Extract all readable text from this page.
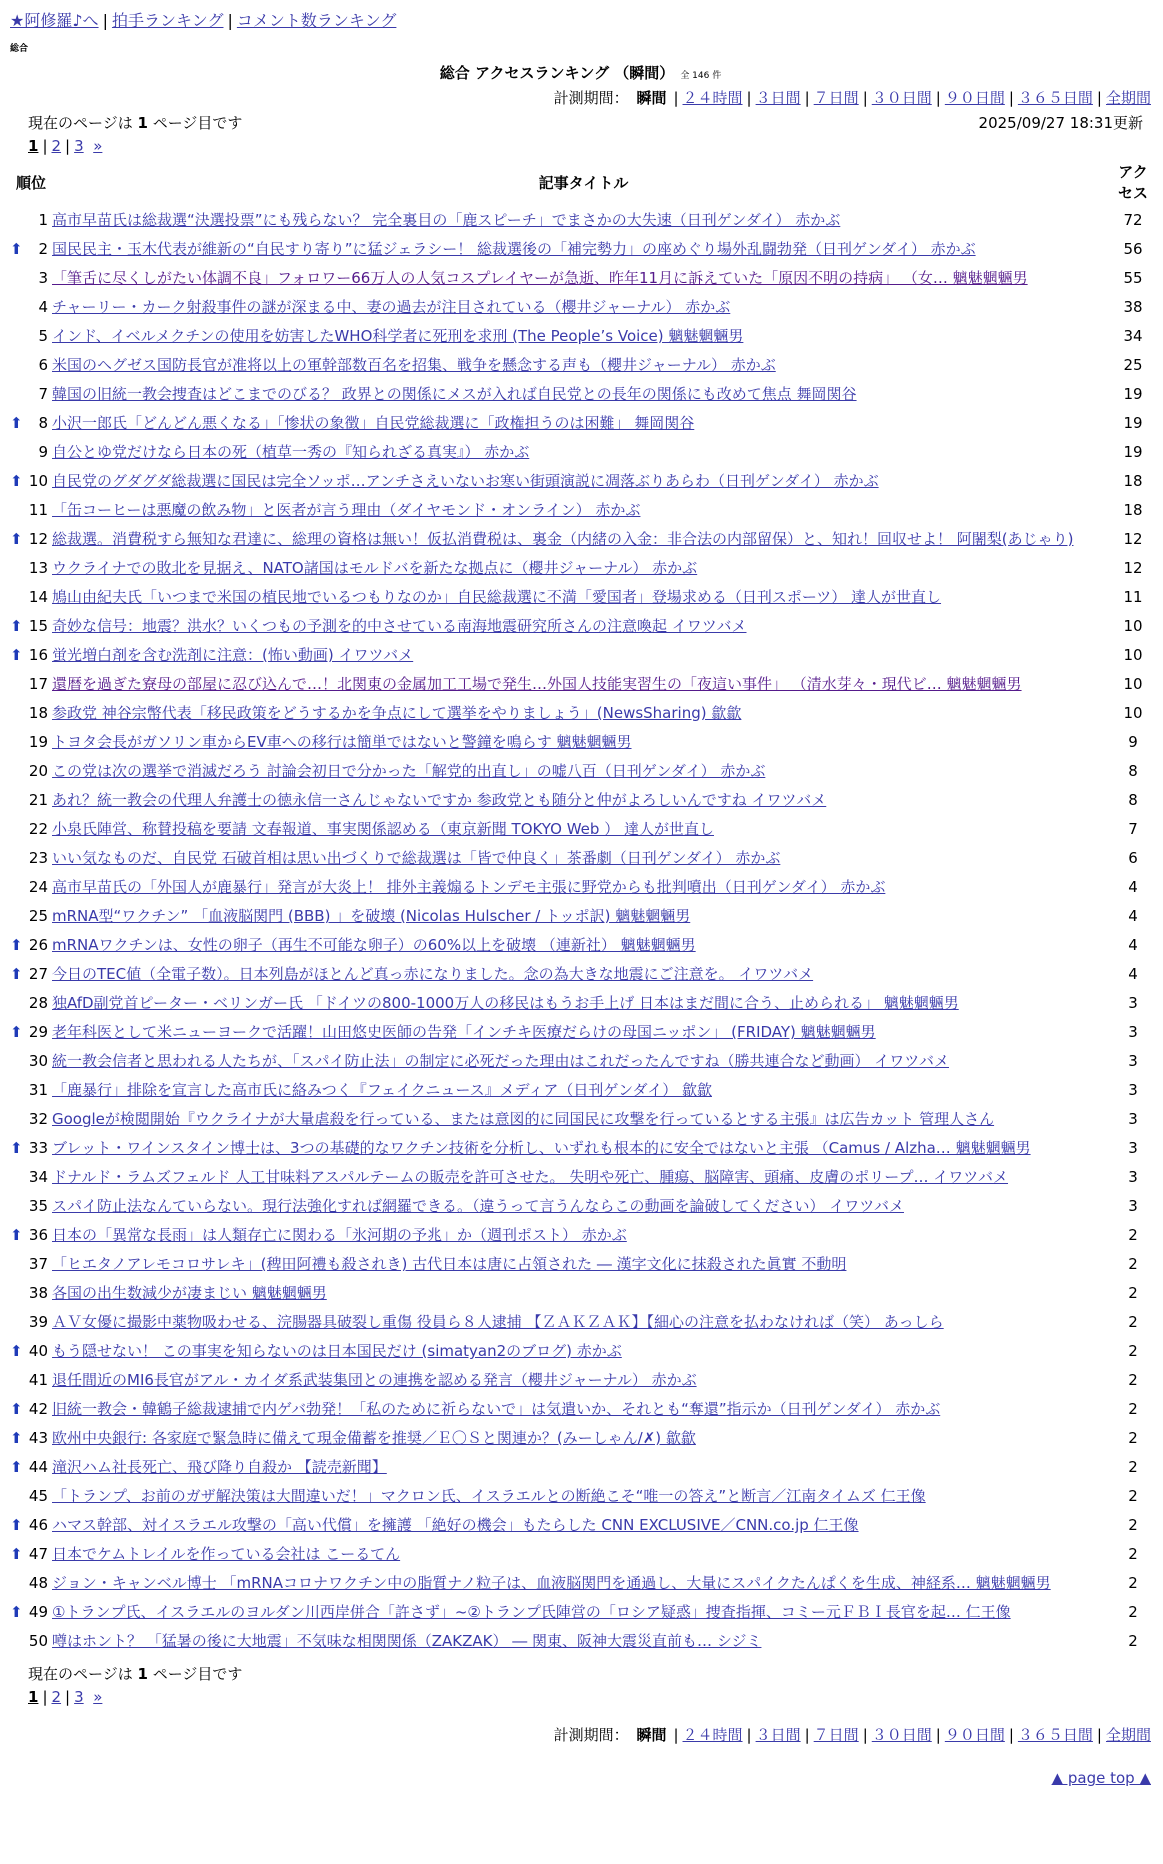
★阿修羅♪へ | 拍手ランキング | コメント数ランキング
総合
総合 アクセスランキング （瞬間） 全 146 件
計測期間： 瞬間 | ２４時間 | ３日間 | ７日間 | ３０日間 | ９０日間 | ３６５日間 | 全期間
現在のページは 1 ページ目です	2025/09/27 18:31更新
1 | 2 | 3 »
順位		記事タイトル	アクセス
	1	高市早苗氏は総裁選“決選投票”にも残らない？ 完全裏目の「鹿スピーチ」でまさかの大失速（日刊ゲンダイ） 赤かぶ	72
⬆	2	国民民主・玉木代表が維新の“自民すり寄り”に猛ジェラシー！ 総裁選後の「補完勢力」の座めぐり場外乱闘勃発（日刊ゲンダイ） 赤かぶ	56
	3	「筆舌に尽くしがたい体調不良」フォロワー66万人の人気コスプレイヤーが急逝、昨年11月に訴えていた「原因不明の持病」 （女… 魑魅魍魎男	55
	4	チャーリー・カーク射殺事件の謎が深まる中、妻の過去が注目されている（櫻井ジャーナル） 赤かぶ	38
	5	インド、イベルメクチンの使用を妨害したWHO科学者に死刑を求刑 (The People’s Voice) 魑魅魍魎男	34
	6	米国のヘグゼス国防長官が准将以上の軍幹部数百名を招集、戦争を懸念する声も（櫻井ジャーナル） 赤かぶ	25
	7	韓国の旧統一教会捜査はどこまでのびる？ 政界との関係にメスが入れば自民党との長年の関係にも改めて焦点 舞岡関谷	19
⬆	8	小沢一郎氏「どんどん悪くなる」「惨状の象徴」自民党総裁選に「政権担うのは困難」 舞岡関谷	19
	9	自公とゆ党だけなら日本の死（植草一秀の『知られざる真実』） 赤かぶ	19
⬆	10	自民党のグダグダ総裁選に国民は完全ソッポ…アンチさえいないお寒い街頭演説に凋落ぶりあらわ（日刊ゲンダイ） 赤かぶ	18
	11	「缶コーヒーは悪魔の飲み物」と医者が言う理由（ダイヤモンド・オンライン） 赤かぶ	18
⬆	12	総裁選。消費税すら無知な君達に、総理の資格は無い！仮払消費税は、裏金（内緒の入金：非合法の内部留保）と、知れ！回収せよ！ 阿闍梨(あじゃり)	12
	13	ウクライナでの敗北を見据え、NATO諸国はモルドバを新たな拠点に（櫻井ジャーナル） 赤かぶ	12
	14	鳩山由紀夫氏「いつまで米国の植民地でいるつもりなのか」自民総裁選に不満「愛国者」登場求める（日刊スポーツ） 達人が世直し	11
⬆	15	奇妙な信号：地震？洪水？いくつもの予測を的中させている南海地震研究所さんの注意喚起 イワツバメ	10
⬆	16	蛍光増白剤を含む洗剤に注意：(怖い動画) イワツバメ	10
	17	還暦を過ぎた寮母の部屋に忍び込んで…！北関東の金属加工工場で発生…外国人技能実習生の「夜這い事件」 （清水芽々・現代ビ… 魑魅魍魎男	10
	18	参政党 神谷宗幣代表「移民政策をどうするかを争点にして選挙をやりましょう」(NewsSharing) 歙歙	10
	19	トヨタ会長がガソリン車からEV車への移行は簡単ではないと警鐘を鳴らす 魑魅魍魎男	9
	20	この党は次の選挙で消滅だろう 討論会初日で分かった「解党的出直し」の嘘八百（日刊ゲンダイ） 赤かぶ	8
	21	あれ？統一教会の代理人弁護士の徳永信一さんじゃないですか 参政党とも随分と仲がよろしいんですね イワツバメ	8
	22	小泉氏陣営、称賛投稿を要請 文春報道、事実関係認める（東京新聞 TOKYO Web ） 達人が世直し	7
	23	いい気なものだ、自民党 石破首相は思い出づくりで総裁選は「皆で仲良く」茶番劇（日刊ゲンダイ） 赤かぶ	6
	24	高市早苗氏の「外国人が鹿暴行」発言が大炎上！ 排外主義煽るトンデモ主張に野党からも批判噴出（日刊ゲンダイ） 赤かぶ	4
	25	mRNA型“ワクチン” 「血液脳関門 (BBB) 」を破壊 (Nicolas Hulscher / トッポ訳) 魑魅魍魎男	4
⬆	26	mRNAワクチンは、女性の卵子（再生不可能な卵子）の60%以上を破壊 （連新社） 魑魅魍魎男	4
⬆	27	今日のTEC値（全電子数）。日本列島がほとんど真っ赤になりました。念の為大きな地震にご注意を。 イワツバメ	4
	28	独AfD副党首ピーター・ベリンガー氏 「ドイツの800-1000万人の移民はもうお手上げ 日本はまだ間に合う、止められる」 魑魅魍魎男	3
⬆	29	老年科医として米ニューヨークで活躍！山田悠史医師の告発「インチキ医療だらけの母国ニッポン」 (FRIDAY) 魑魅魍魎男	3
	30	統一教会信者と思われる人たちが、「スパイ防止法」の制定に必死だった理由はこれだったんですね（勝共連合など動画） イワツバメ	3
	31	「鹿暴行」排除を宣言した高市氏に絡みつく『フェイクニュース』メディア（日刊ゲンダイ） 歙歙	3
	32	Googleが検閲開始『ウクライナが大量虐殺を行っている、または意図的に同国民に攻撃を行っているとする主張』は広告カット 管理人さん	3
⬆	33	ブレット・ワインスタイン博士は、3つの基礎的なワクチン技術を分析し、いずれも根本的に安全ではないと主張 （Camus / Alzha… 魑魅魍魎男	3
	34	ドナルド・ラムズフェルド 人工甘味料アスパルテームの販売を許可させた。 失明や死亡、腫瘍、脳障害、頭痛、皮膚のポリープ… イワツバメ	3
	35	スパイ防止法なんていらない。現行法強化すれば網羅できる。（違うって言うんならこの動画を論破してください） イワツバメ	3
⬆	36	日本の「異常な長雨」は人類存亡に関わる「氷河期の予兆」か（週刊ポスト） 赤かぶ	2
	37	「ヒエタノアレモコロサレキ」(稗田阿禮も殺されき) 古代日本は唐に占領された ― 漢字文化に抹殺された眞實 不動明	2
	38	各国の出生数減少が凄まじい 魑魅魍魎男	2
	39	ＡＶ女優に撮影中薬物吸わせる、浣腸器具破裂し重傷 役員ら８人逮捕 【ＺＡＫＺＡＫ】【細心の注意を払わなければ（笑） あっしら	2
⬆	40	もう隠せない！ この事実を知らないのは日本国民だけ (simatyan2のブログ) 赤かぶ	2
	41	退任間近のMI6長官がアル・カイダ系武装集団との連携を認める発言（櫻井ジャーナル） 赤かぶ	2
⬆	42	旧統一教会・韓鶴子総裁逮捕で内ゲバ勃発！「私のために祈らないで」は気遣いか、それとも“奪還”指示か（日刊ゲンダイ） 赤かぶ	2
⬆	43	欧州中央銀行: 各家庭で緊急時に備えて現金備蓄を推奨／Ｅ〇Ｓと関連か？(みーしゃん/✗) 歙歙	2
⬆	44	滝沢ハム社長死亡、飛び降り自殺か 【読売新聞】	2
	45	「トランプ、お前のガザ解決策は大間違いだ！」マクロン氏、イスラエルとの断絶こそ“唯一の答え”と断言／江南タイムズ 仁王像	2
⬆	46	ハマス幹部、対イスラエル攻撃の「高い代償」を擁護 「絶好の機会」もたらした CNN EXCLUSIVE／CNN.co.jp 仁王像	2
⬆	47	日本でケムトレイルを作っている会社は こーるてん	2
	48	ジョン・キャンベル博士 「mRNAコロナワクチン中の脂質ナノ粒子は、血液脳関門を通過し、大量にスパイクたんぱくを生成、神経系… 魑魅魍魎男	2
⬆	49	①トランプ氏、イスラエルのヨルダン川西岸併合「許さず」~②トランプ氏陣営の「ロシア疑惑」捜査指揮、コミー元ＦＢＩ長官を起… 仁王像	2
	50	噂はホント？ 「猛暑の後に大地震」不気味な相関関係（ZAKZAK） ― 関東、阪神大震災直前も… シジミ	2
現在のページは 1 ページ目です
1 | 2 | 3 »
計測期間： 瞬間 | ２４時間 | ３日間 | ７日間 | ３０日間 | ９０日間 | ３６５日間 | 全期間
▲ page top ▲
